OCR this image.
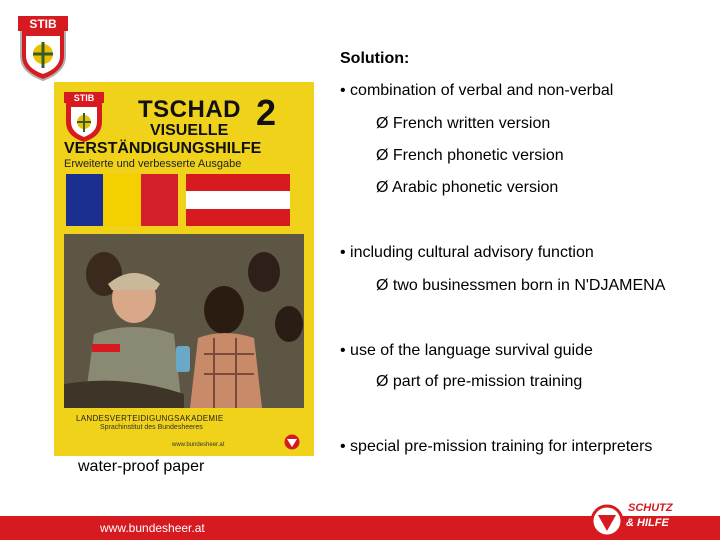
STIB
STIB TSCHAD 2
VISUELLE
VERSTÄNDIGUNGSHILFE
Erweiterte und verbesserte Ausgabe
LANDESVERTEIDIGUNGSAKADEMIE
Sprachinstitut des Bundesheeres
www.bundesheer.at
water-proof paper
Solution:
• combination of verbal and non-verbal
Ø French written version
Ø French phonetic version
Ø Arabic phonetic version
• including cultural advisory function
Ø two businessmen born in N'DJAMENA
• use of the language survival guide
Ø part of pre-mission training
• special pre-mission training for interpreters
www.bundesheer.at
SCHUTZ
& HILFE
